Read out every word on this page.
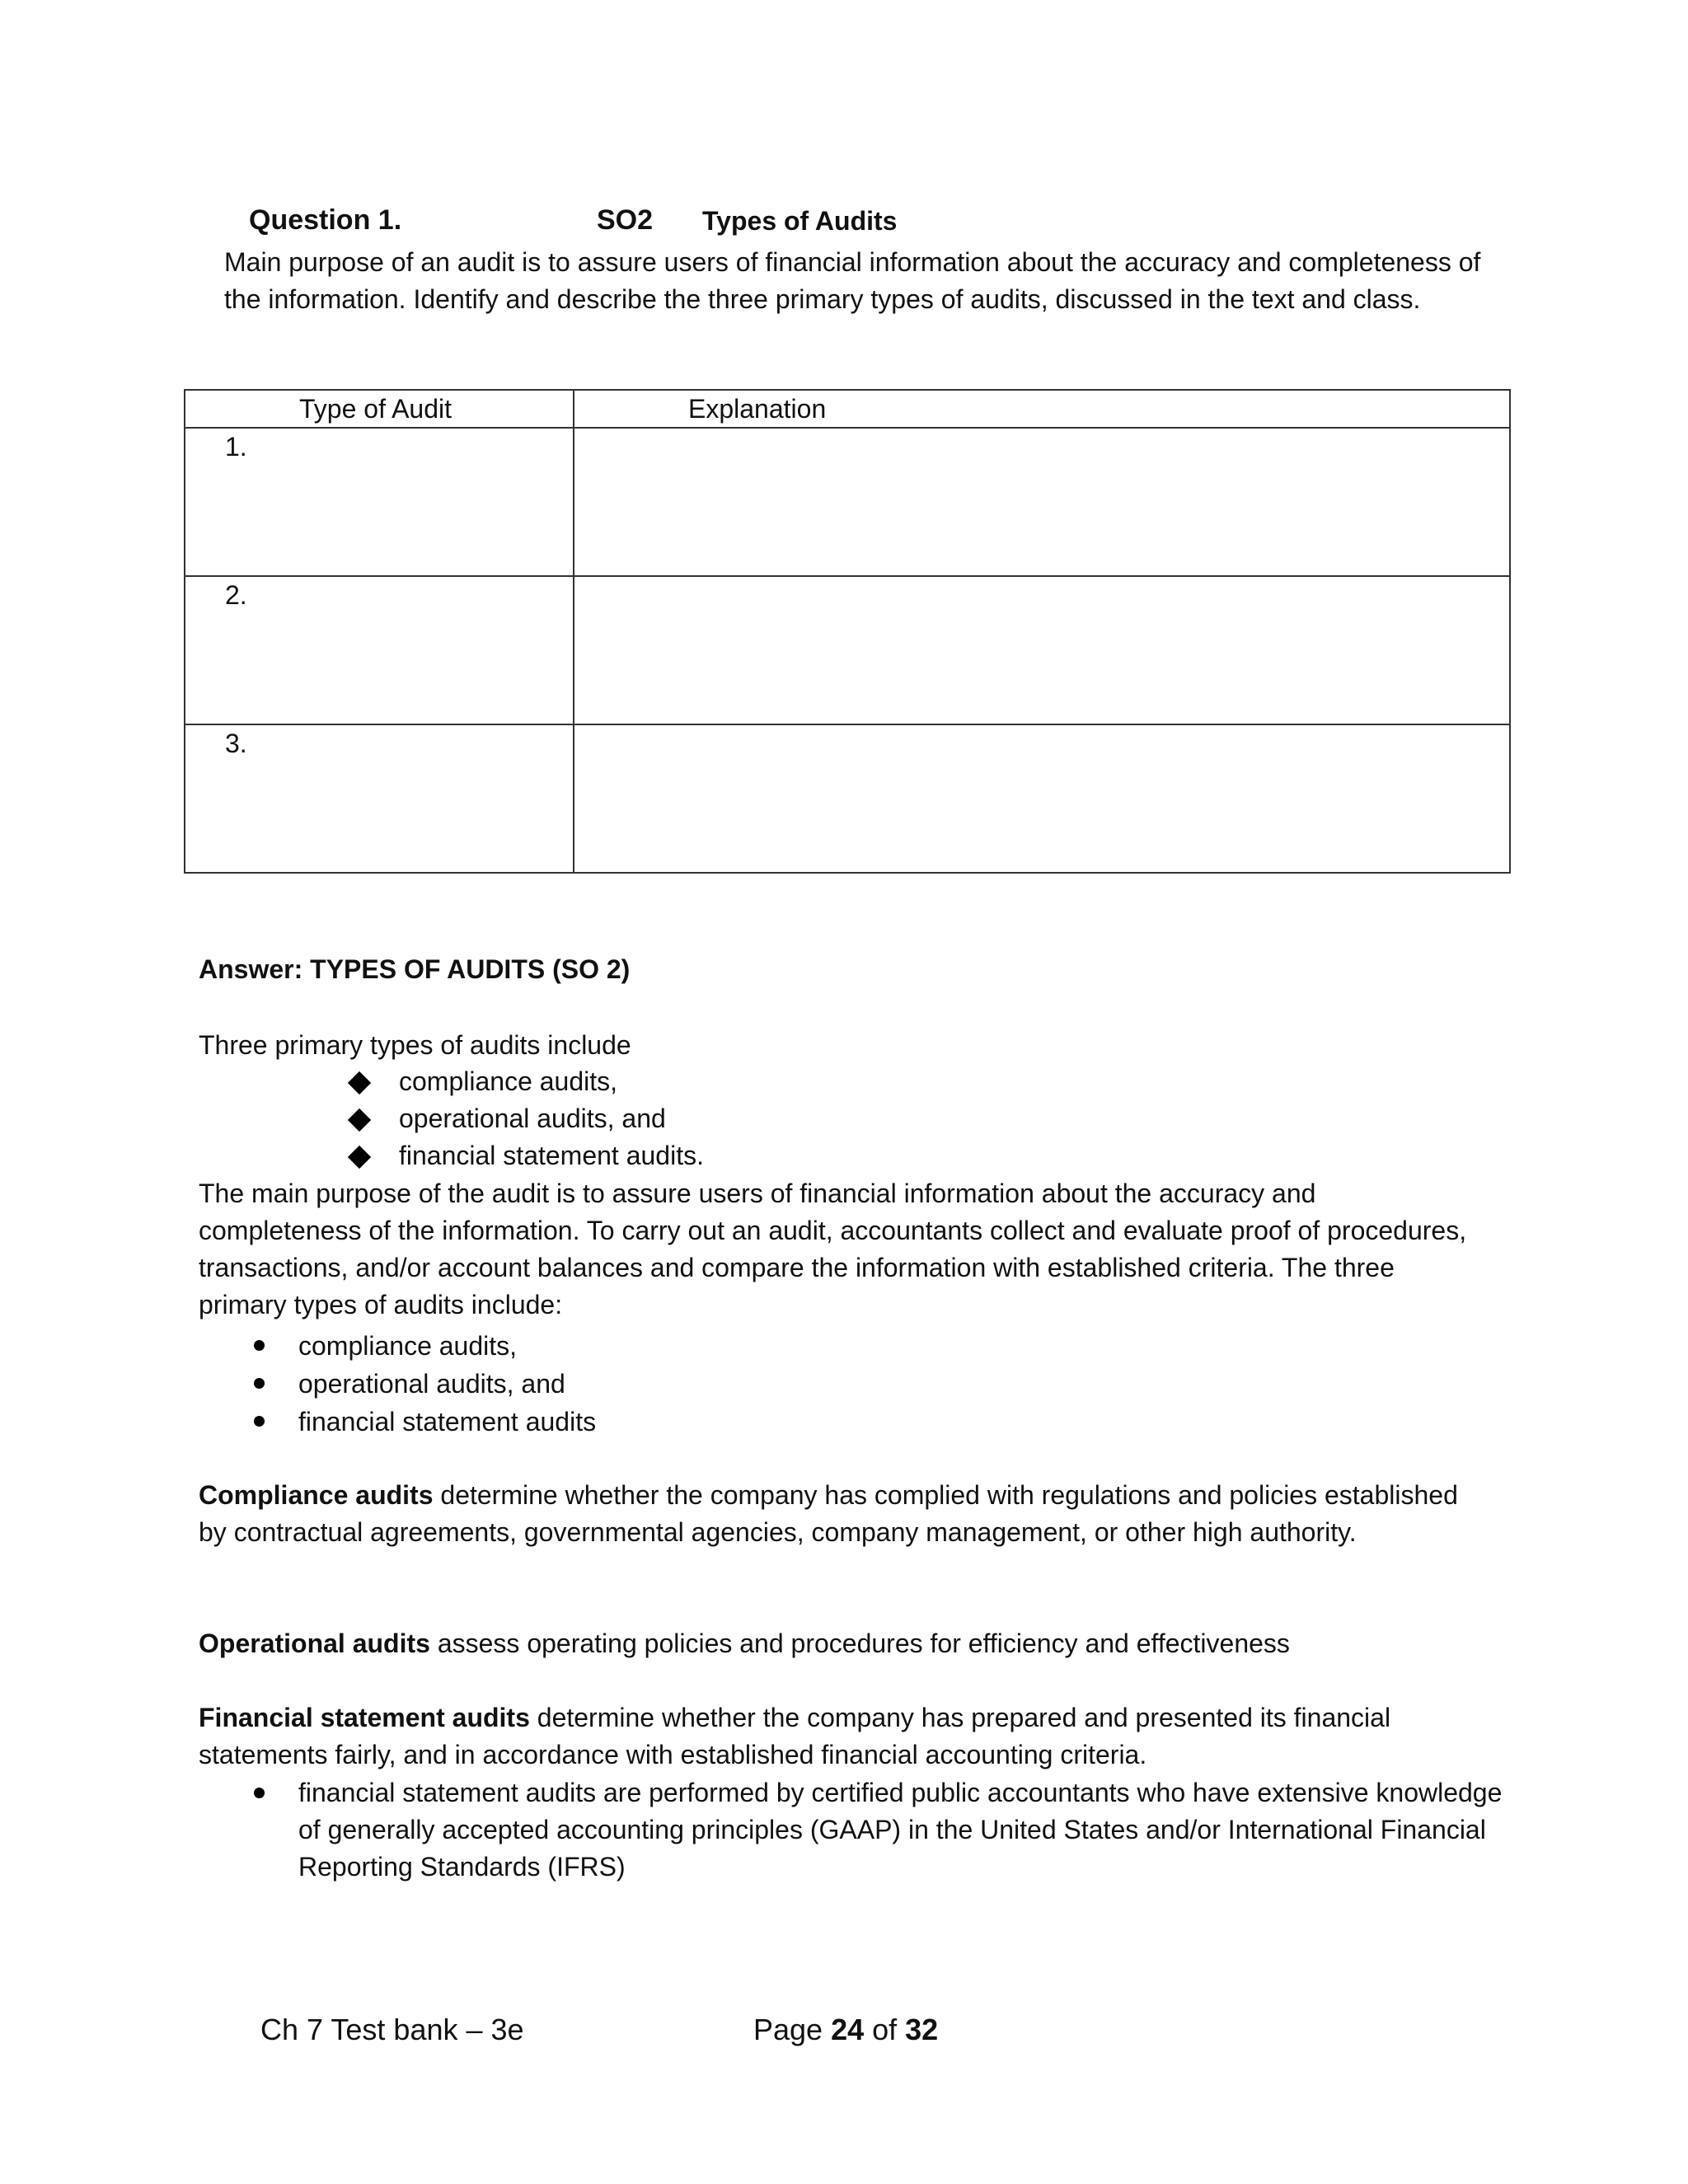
Question 1.	SO2 Types of Audits
Main purpose of an audit is to assure users of financial information about the accuracy and completeness of the information. Identify and describe the three primary types of audits, discussed in the text and class.
Type of Audit	Explanation
1.	
2.	
3.	
Answer: TYPES OF AUDITS (SO 2)
Three primary types of audits include
compliance audits,
operational audits, and
financial statement audits.
The main purpose of the audit is to assure users of financial information about the accuracy and completeness of the information. To carry out an audit, accountants collect and evaluate proof of procedures, transactions, and/or account balances and compare the information with established criteria. The three primary types of audits include:
compliance audits,
operational audits, and
financial statement audits
Compliance audits determine whether the company has complied with regulations and policies established by contractual agreements, governmental agencies, company management, or other high authority.
Operational audits assess operating policies and procedures for efficiency and effectiveness
Financial statement audits determine whether the company has prepared and presented its financial statements fairly, and in accordance with established financial accounting criteria.
financial statement audits are performed by certified public accountants who have extensive knowledge of generally accepted accounting principles (GAAP) in the United States and/or International Financial Reporting Standards (IFRS)
Ch 7 Test bank – 3e	Page 24 of 32
